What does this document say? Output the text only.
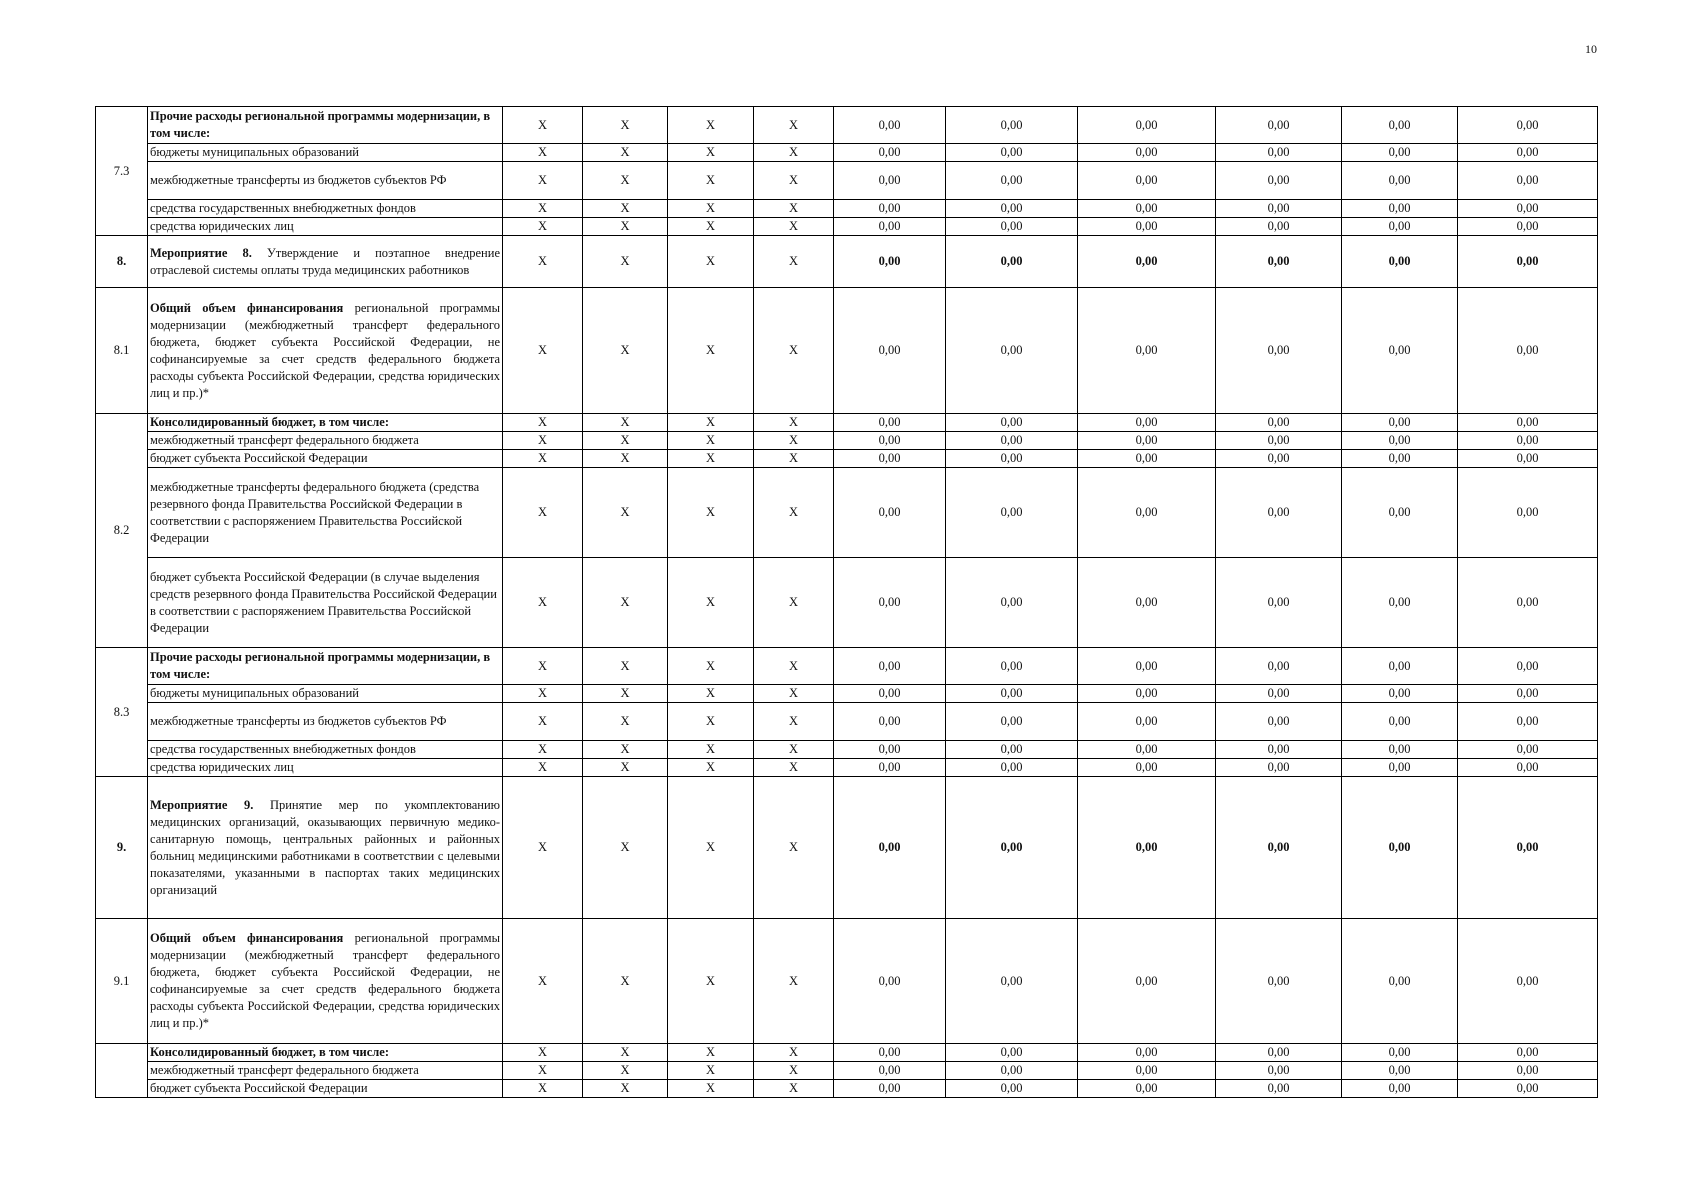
10
7.3	Прочие расходы региональной программы модернизации, в том числе:	X	X	X	X	0,00	0,00	0,00	0,00	0,00	0,00
	бюджеты муниципальных образований	X	X	X	X	0,00	0,00	0,00	0,00	0,00	0,00
	межбюджетные трансферты из бюджетов субъектов РФ	X	X	X	X	0,00	0,00	0,00	0,00	0,00	0,00
	средства государственных внебюджетных фондов	X	X	X	X	0,00	0,00	0,00	0,00	0,00	0,00
	средства юридических лиц	X	X	X	X	0,00	0,00	0,00	0,00	0,00	0,00
8.	Мероприятие 8. Утверждение и поэтапное внедрение отраслевой системы оплаты труда медицинских работников	X	X	X	X	0,00	0,00	0,00	0,00	0,00	0,00
8.1	Общий объем финансирования региональной программы модернизации (межбюджетный трансферт федерального бюджета, бюджет субъекта Российской Федерации, не софинансируемые за счет средств федерального бюджета расходы субъекта Российской Федерации, средства юридических лиц и пр.)*	X	X	X	X	0,00	0,00	0,00	0,00	0,00	0,00
8.2	Консолидированный бюджет, в том числе:	X	X	X	X	0,00	0,00	0,00	0,00	0,00	0,00
	межбюджетный трансферт федерального бюджета	X	X	X	X	0,00	0,00	0,00	0,00	0,00	0,00
	бюджет субъекта Российской Федерации	X	X	X	X	0,00	0,00	0,00	0,00	0,00	0,00
	межбюджетные трансферты федерального бюджета (средства резервного фонда Правительства Российской Федерации в соответствии с распоряжением Правительства Российской Федерации	X	X	X	X	0,00	0,00	0,00	0,00	0,00	0,00
	бюджет субъекта Российской Федерации (в случае выделения средств резервного фонда Правительства Российской Федерации в соответствии с распоряжением Правительства Российской Федерации	X	X	X	X	0,00	0,00	0,00	0,00	0,00	0,00
8.3	Прочие расходы региональной программы модернизации, в том числе:	X	X	X	X	0,00	0,00	0,00	0,00	0,00	0,00
	бюджеты муниципальных образований	X	X	X	X	0,00	0,00	0,00	0,00	0,00	0,00
	межбюджетные трансферты из бюджетов субъектов РФ	X	X	X	X	0,00	0,00	0,00	0,00	0,00	0,00
	средства государственных внебюджетных фондов	X	X	X	X	0,00	0,00	0,00	0,00	0,00	0,00
	средства юридических лиц	X	X	X	X	0,00	0,00	0,00	0,00	0,00	0,00
9.	Мероприятие 9. Принятие мер по укомплектованию медицинских организаций, оказывающих первичную медико-санитарную помощь, центральных районных и районных больниц медицинскими работниками в соответствии с целевыми показателями, указанными в паспортах таких медицинских организаций	X	X	X	X	0,00	0,00	0,00	0,00	0,00	0,00
9.1	Общий объем финансирования региональной программы модернизации (межбюджетный трансферт федерального бюджета, бюджет субъекта Российской Федерации, не софинансируемые за счет средств федерального бюджета расходы субъекта Российской Федерации, средства юридических лиц и пр.)*	X	X	X	X	0,00	0,00	0,00	0,00	0,00	0,00
	Консолидированный бюджет, в том числе:	X	X	X	X	0,00	0,00	0,00	0,00	0,00	0,00
	межбюджетный трансферт федерального бюджета	X	X	X	X	0,00	0,00	0,00	0,00	0,00	0,00
	бюджет субъекта Российской Федерации	X	X	X	X	0,00	0,00	0,00	0,00	0,00	0,00
